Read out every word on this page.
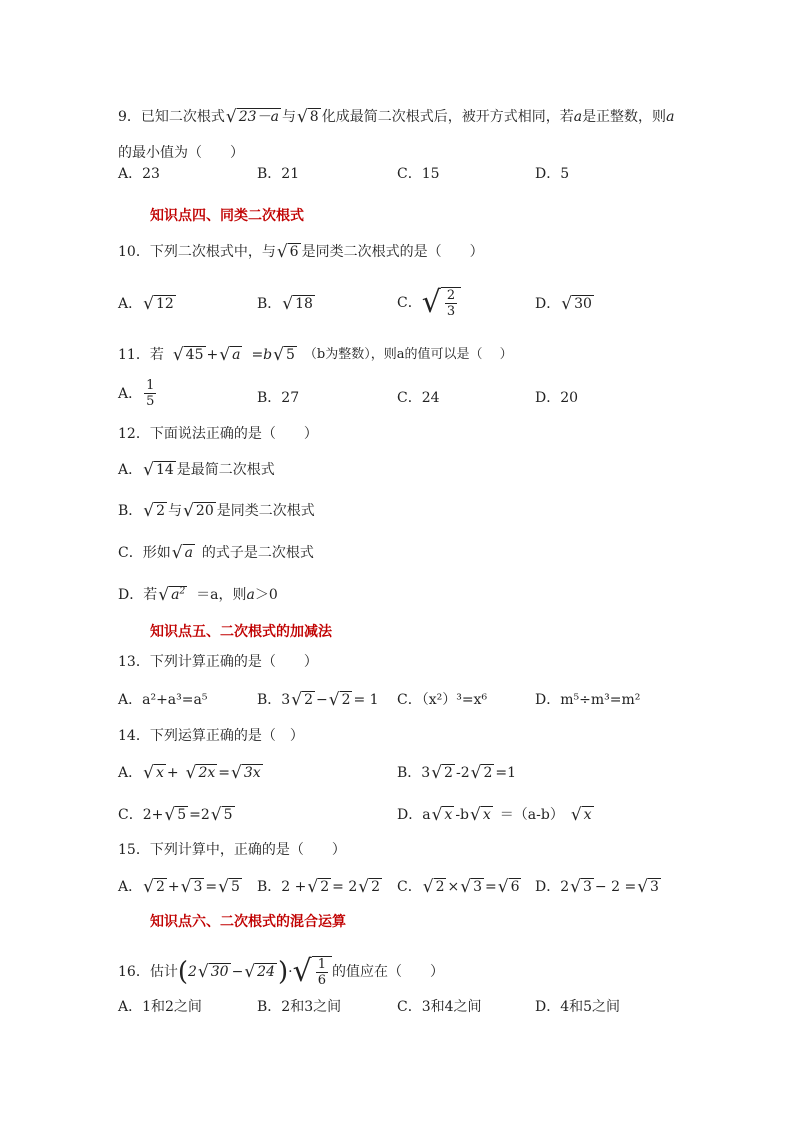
9．已知二次根式 √ 23－a 与 √ 8 化成最简二次根式后，被开方式相同，若 a 是正整数，则 a
的最小值为（　　）
A．23	B．21	C．15	D．5
知识点四、同类二次根式
10．下列二次根式中，与 √ 6 是同类二次根式的是（　　）
A． √ 12	B． √ 18	C． √ $\frac{2}{3}$	D． √ 30
11．若 √ 45 + √ a =b √ 5 （b为整数），则a的值可以是（　 ）
A． $\frac{1}{5}$	B．27	C．24	D．20
12．下面说法正确的是（　　）
A． √ 14 是最简二次根式
B． √ 2 与 √ 20 是同类二次根式
C．形如 √ a 的式子是二次根式
D．若 √ $a^2 =a$，则 a ＞0
知识点五、二次根式的加减法
13．下列计算正确的是（　　）
A．a²+a³=a⁵	B． 3 √ 2 − √ 2 = 1 C．（x²）³=x⁶	D．m⁵÷m³=m²
14．下列运算正确的是（　）
A． √ x + √ 2x = √ 3x	B．3 √ 2 -2 √ 2 =1
C．2+ √ 5 =2 √ 5	D．a √ x -b √ x ＝（a-b） √ x
15．下列计算中，正确的是（　　）
A． √ 2 + √ 3 = √ 5 B． 2 + √ 2 = 2 √ 2 C． √ 2 × √ 3 = √ 6 D． 2 √ 3 − 2 = √ 3
知识点六、二次根式的混合运算
16．估计 ( 2 √ 30 − √ 24 ) · √ $\frac{1}{6}$ 的值应在（　　）
A．1和2之间	B．2和3之间	C．3和4之间	D．4和5之间
